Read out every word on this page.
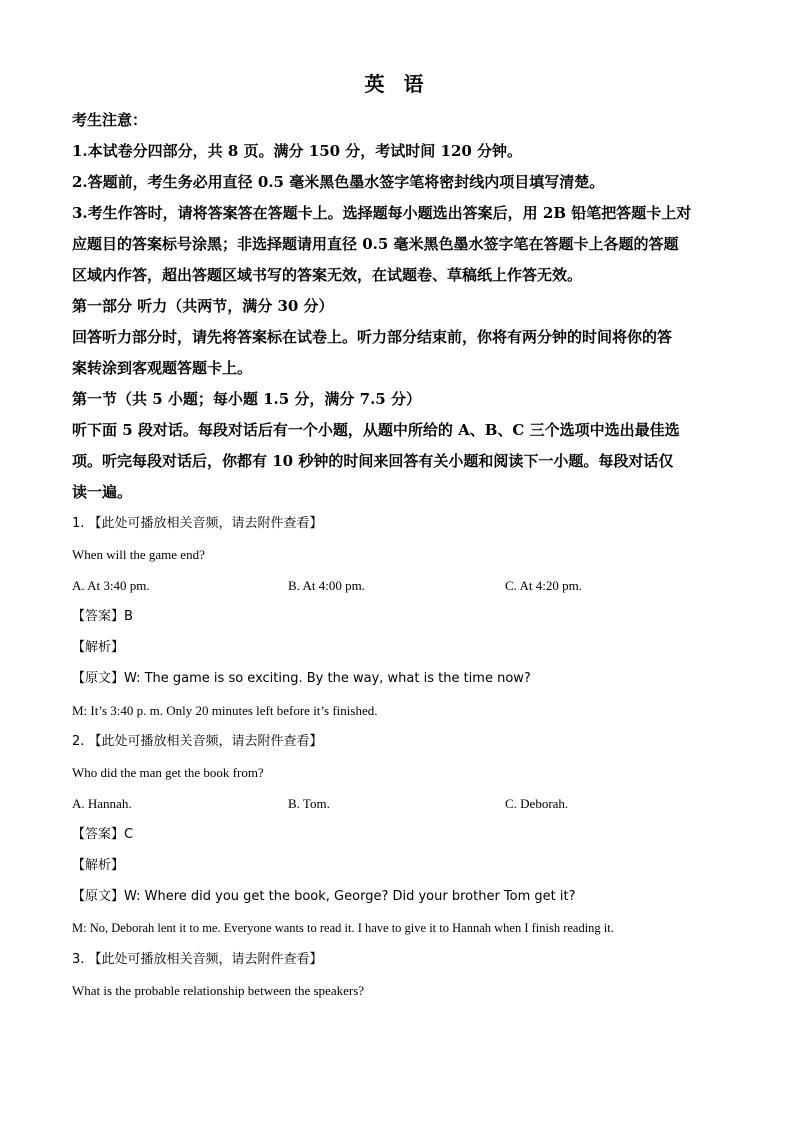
英 语
考生注意：
1.本试卷分四部分，共 8 页。满分 150 分，考试时间 120 分钟。
2.答题前，考生务必用直径 0.5 毫米黑色墨水签字笔将密封线内项目填写清楚。
3.考生作答时，请将答案答在答题卡上。选择题每小题选出答案后，用 2B 铅笔把答题卡上对
应题目的答案标号涂黑；非选择题请用直径 0.5 毫米黑色墨水签字笔在答题卡上各题的答题
区域内作答，超出答题区域书写的答案无效，在试题卷、草稿纸上作答无效。
第一部分 听力（共两节，满分 30 分）
回答听力部分时，请先将答案标在试卷上。听力部分结束前，你将有两分钟的时间将你的答
案转涂到客观题答题卡上。
第一节（共 5 小题；每小题 1.5 分，满分 7.5 分）
听下面 5 段对话。每段对话后有一个小题，从题中所给的 A、B、C 三个选项中选出最佳选
项。听完每段对话后，你都有 10 秒钟的时间来回答有关小题和阅读下一小题。每段对话仅
读一遍。
1. 【此处可播放相关音频，请去附件查看】
When will the game end?
A. At 3:40 pm.	B. At 4:00 pm.	C. At 4:20 pm.
【答案】B
【解析】
【原文】W: The game is so exciting. By the way, what is the time now?
M: It’s 3:40 p. m. Only 20 minutes left before it’s finished.
2. 【此处可播放相关音频，请去附件查看】
Who did the man get the book from?
A. Hannah.	B. Tom.	C. Deborah.
【答案】C
【解析】
【原文】W: Where did you get the book, George? Did your brother Tom get it?
M: No, Deborah lent it to me. Everyone wants to read it. I have to give it to Hannah when I finish reading it.
3. 【此处可播放相关音频，请去附件查看】
What is the probable relationship between the speakers?
